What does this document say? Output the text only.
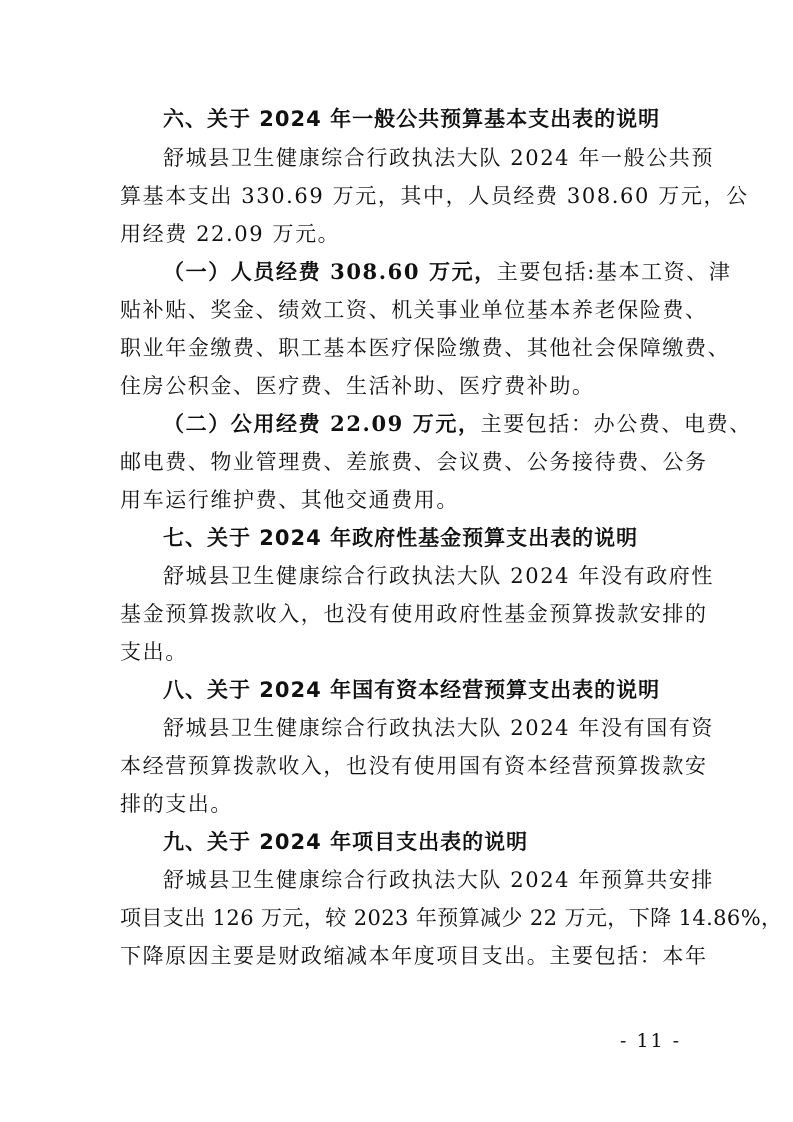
六、关于 2024 年一般公共预算基本支出表的说明
舒城县卫生健康综合行政执法大队 2024 年一般公共预
算基本支出 330.69 万元，其中，人员经费 308.60 万元，公
用经费 22.09 万元。
（一）人员经费 308.60 万元，主要包括:基本工资、津
贴补贴、奖金、绩效工资、机关事业单位基本养老保险费、
职业年金缴费、职工基本医疗保险缴费、其他社会保障缴费、
住房公积金、医疗费、生活补助、医疗费补助。
（二）公用经费 22.09 万元，主要包括：办公费、电费、
邮电费、物业管理费、差旅费、会议费、公务接待费、公务
用车运行维护费、其他交通费用。
七、关于 2024 年政府性基金预算支出表的说明
舒城县卫生健康综合行政执法大队 2024 年没有政府性
基金预算拨款收入，也没有使用政府性基金预算拨款安排的
支出。
八、关于 2024 年国有资本经营预算支出表的说明
舒城县卫生健康综合行政执法大队 2024 年没有国有资
本经营预算拨款收入，也没有使用国有资本经营预算拨款安
排的支出。
九、关于 2024 年项目支出表的说明
舒城县卫生健康综合行政执法大队 2024 年预算共安排
项目支出 126 万元，较 2023 年预算减少 22 万元，下降 14.86%，
下降原因主要是财政缩减本年度项目支出。主要包括：本年
- 11 -
